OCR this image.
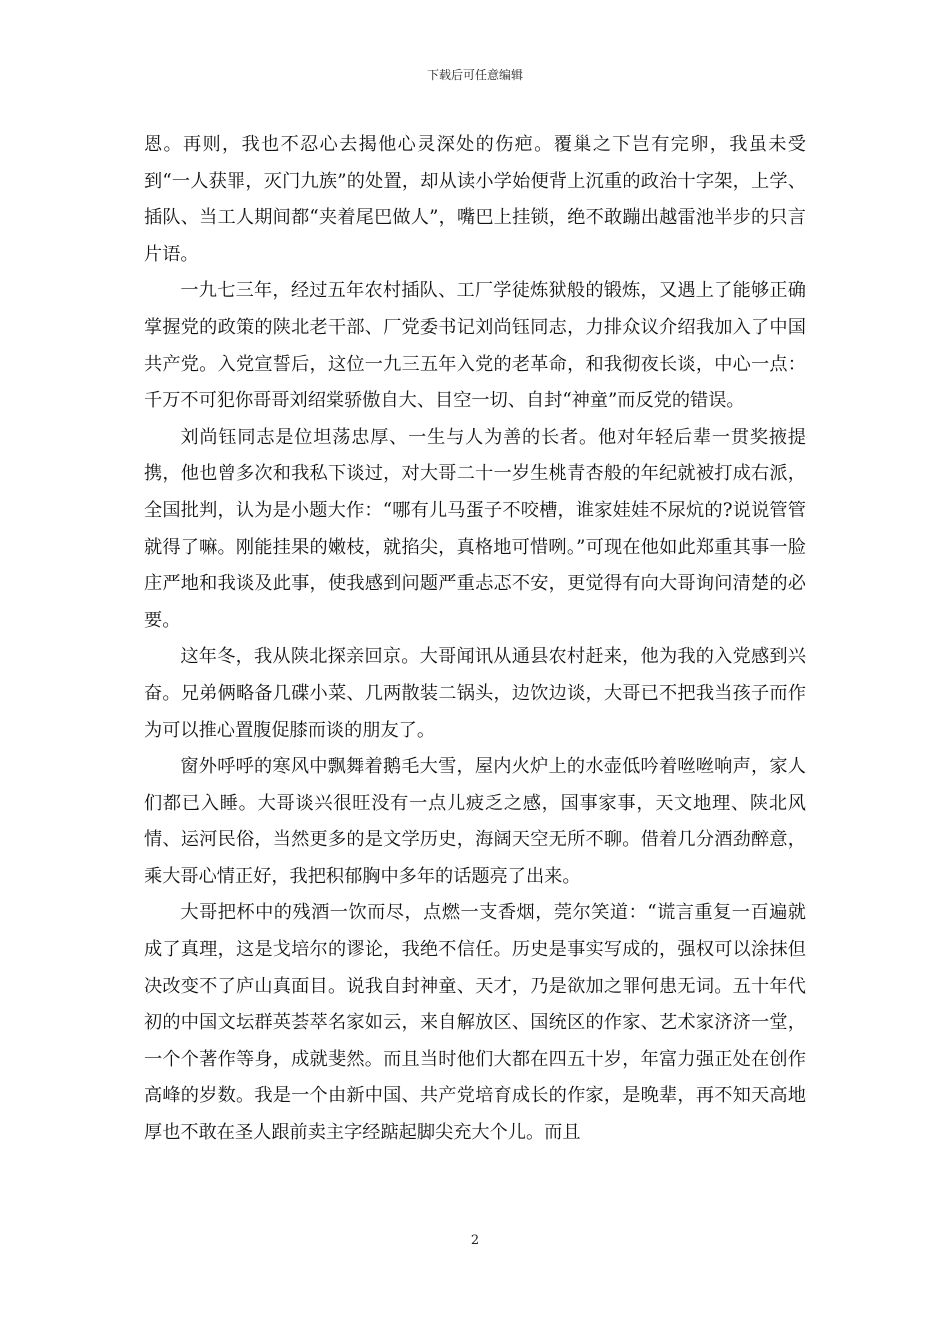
下载后可任意编辑

恩。再则，我也不忍心去揭他心灵深处的伤疤。覆巢之下岂有完卵，我虽未受到“一人获罪，灭门九族”的处置，却从读小学始便背上沉重的政治十字架，上学、插队、当工人期间都“夹着尾巴做人”，嘴巴上挂锁，绝不敢蹦出越雷池半步的只言片语。

一九七三年，经过五年农村插队、工厂学徒炼狱般的锻炼，又遇上了能够正确掌握党的政策的陕北老干部、厂党委书记刘尚钰同志，力排众议介绍我加入了中国共产党。入党宣誓后，这位一九三五年入党的老革命，和我彻夜长谈，中心一点：千万不可犯你哥哥刘绍棠骄傲自大、目空一切、自封“神童”而反党的错误。

刘尚钰同志是位坦荡忠厚、一生与人为善的长者。他对年轻后辈一贯奖掖提携，他也曾多次和我私下谈过，对大哥二十一岁生桃青杏般的年纪就被打成右派，全国批判，认为是小题大作：“哪有儿马蛋子不咬槽，谁家娃娃不尿炕的?说说管管就得了嘛。刚能挂果的嫩枝，就掐尖，真格地可惜咧。”可现在他如此郑重其事一脸庄严地和我谈及此事，使我感到问题严重忐忑不安，更觉得有向大哥询问清楚的必要。

这年冬，我从陕北探亲回京。大哥闻讯从通县农村赶来，他为我的入党感到兴奋。兄弟俩略备几碟小菜、几两散装二锅头，边饮边谈，大哥已不把我当孩子而作为可以推心置腹促膝而谈的朋友了。

窗外呼呼的寒风中飘舞着鹅毛大雪，屋内火炉上的水壶低吟着咝咝响声，家人们都已入睡。大哥谈兴很旺没有一点儿疲乏之感，国事家事，天文地理、陕北风情、运河民俗，当然更多的是文学历史，海阔天空无所不聊。借着几分酒劲醉意，乘大哥心情正好，我把积郁胸中多年的话题亮了出来。

大哥把杯中的残酒一饮而尽，点燃一支香烟，莞尔笑道：“谎言重复一百遍就成了真理，这是戈培尔的谬论，我绝不信任。历史是事实写成的，强权可以涂抹但决改变不了庐山真面目。说我自封神童、天才，乃是欲加之罪何患无词。五十年代初的中国文坛群英荟萃名家如云，来自解放区、国统区的作家、艺术家济济一堂，一个个著作等身，成就斐然。而且当时他们大都在四五十岁，年富力强正处在创作高峰的岁数。我是一个由新中国、共产党培育成长的作家，是晚辈，再不知天高地厚也不敢在圣人跟前卖主字经踮起脚尖充大个儿。而且

2
